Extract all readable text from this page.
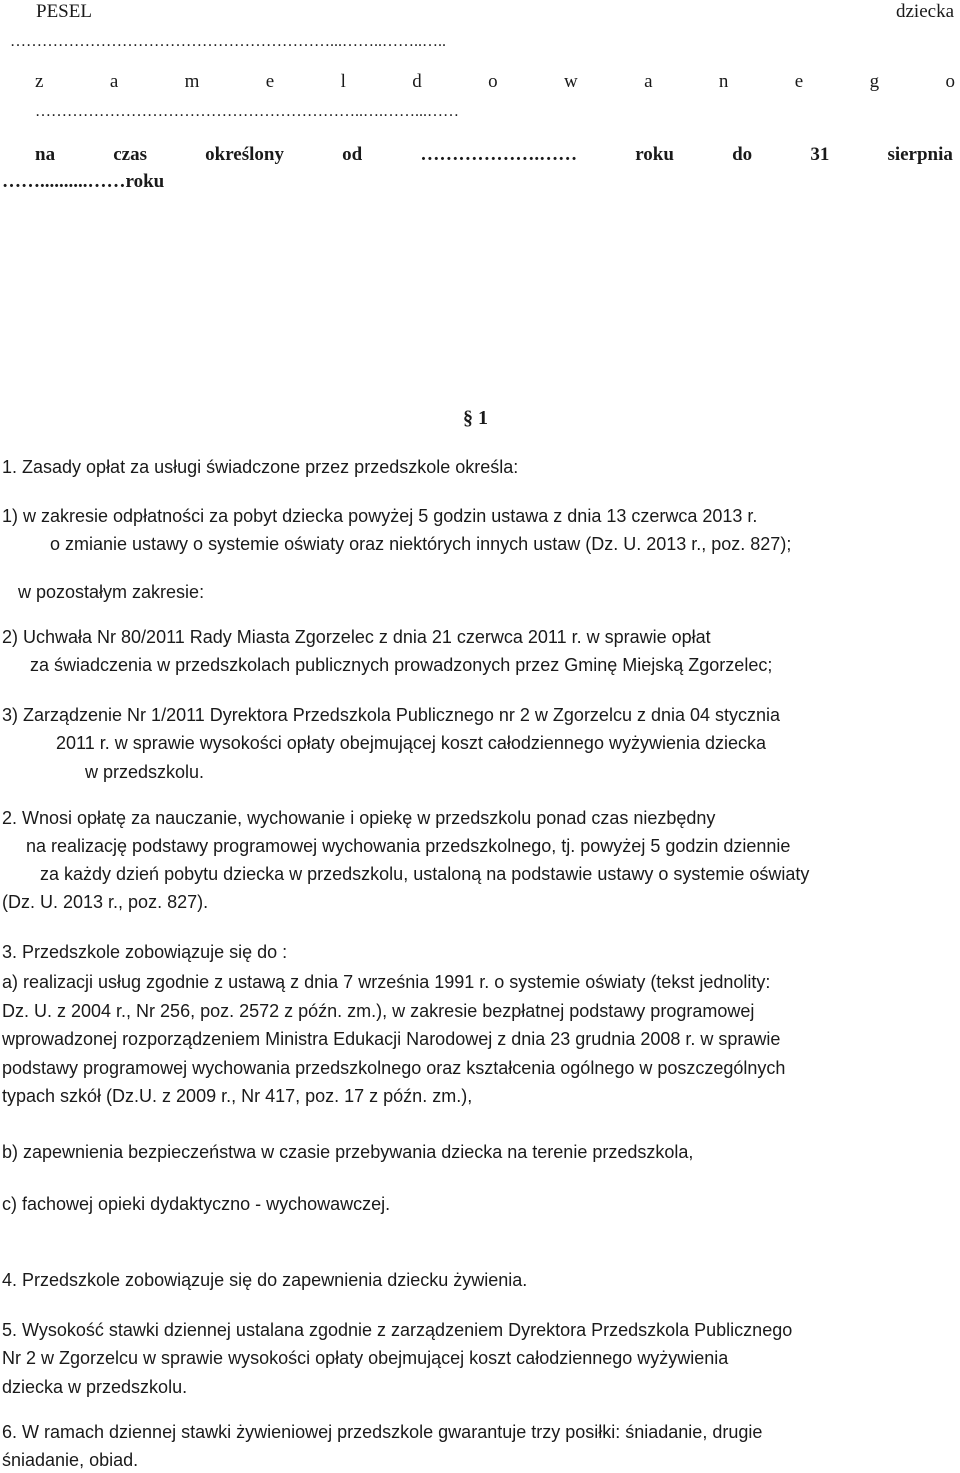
PESEL	dziecka
……………………………………………………...……..……..…..
z	a	m	e	l	d	o	w	a	n	e	g	o
……………………………………………………..….……...……
na	czas	określony	od	……………….……	roku	do	31	sierpnia
……..........……roku
§ 1
1. Zasady opłat za usługi świadczone przez przedszkole określa:
1) w zakresie odpłatności za pobyt dziecka powyżej 5 godzin ustawa z dnia 13 czerwca 2013 r.
o zmianie ustawy o systemie oświaty oraz niektórych innych ustaw (Dz. U. 2013 r., poz. 827);
w pozostałym zakresie:
2) Uchwała Nr 80/2011 Rady Miasta Zgorzelec z dnia 21 czerwca 2011 r. w sprawie opłat
za świadczenia w przedszkolach publicznych prowadzonych przez Gminę Miejską Zgorzelec;
3) Zarządzenie Nr 1/2011 Dyrektora Przedszkola Publicznego nr 2 w Zgorzelcu z dnia 04 stycznia
2011 r. w sprawie wysokości opłaty obejmującej koszt całodziennego wyżywienia dziecka
w przedszkolu.
2. Wnosi opłatę za nauczanie, wychowanie i opiekę w przedszkolu ponad czas niezbędny
na realizację podstawy programowej wychowania przedszkolnego, tj. powyżej 5 godzin dziennie
za każdy dzień pobytu dziecka w przedszkolu, ustaloną na podstawie ustawy o systemie oświaty
(Dz. U. 2013 r., poz. 827).
3. Przedszkole zobowiązuje się do :
a) realizacji usług zgodnie z ustawą z dnia 7 września 1991 r. o systemie oświaty (tekst jednolity:
Dz. U. z 2004 r., Nr 256, poz. 2572 z późn. zm.), w zakresie bezpłatnej podstawy programowej
wprowadzonej rozporządzeniem Ministra Edukacji Narodowej z dnia 23 grudnia 2008 r. w sprawie
podstawy programowej wychowania przedszkolnego oraz kształcenia ogólnego w poszczególnych
typach szkół (Dz.U. z 2009 r., Nr 417, poz. 17 z późn. zm.),
b) zapewnienia bezpieczeństwa w czasie przebywania dziecka na terenie przedszkola,
c) fachowej opieki dydaktyczno - wychowawczej.
4. Przedszkole zobowiązuje się do zapewnienia dziecku żywienia.
5. Wysokość stawki dziennej ustalana zgodnie z zarządzeniem Dyrektora Przedszkola Publicznego
Nr 2 w Zgorzelcu w sprawie wysokości opłaty obejmującej koszt całodziennego wyżywienia
dziecka w przedszkolu.
6. W ramach dziennej stawki żywieniowej przedszkole gwarantuje trzy posiłki: śniadanie, drugie
śniadanie, obiad.
